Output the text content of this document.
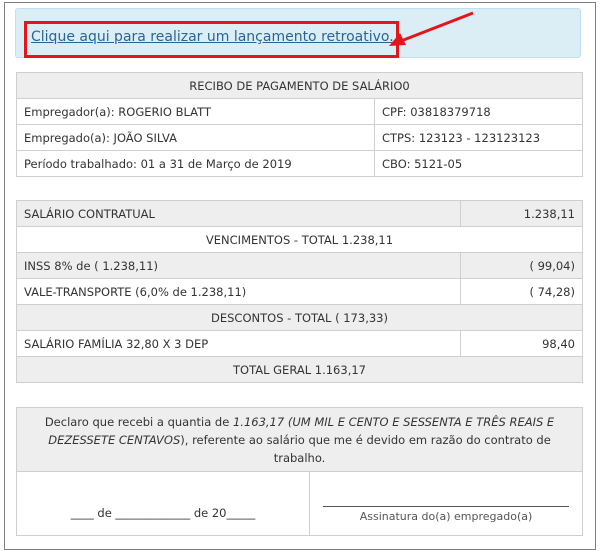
Clique aqui para realizar um lançamento retroativo.
RECIBO DE PAGAMENTO DE SALÁRIO0	
Empregador(a): ROGERIO BLATT	CPF: 03818379718
Empregado(a): JOÃO SILVA	CTPS: 123123 - 123123123
Período trabalhado: 01 a 31 de Março de 2019	CBO: 5121-05
SALÁRIO CONTRATUAL	1.238,11
VENCIMENTOS - TOTAL 1.238,11	
INSS 8% de ( 1.238,11)	( 99,04)
VALE-TRANSPORTE (6,0% de 1.238,11)	( 74,28)
DESCONTOS - TOTAL ( 173,33)	
SALÁRIO FAMÍLIA 32,80 X 3 DEP	98,40
TOTAL GERAL 1.163,17	
Declaro que recebi a quantia de 1.163,17 (UM MIL E CENTO E SESSENTA E TRÊS REAIS E DEZESSETE CENTAVOS), referente ao salário que me é devido em razão do contrato de trabalho.

____ de _____________ de 20_____	Assinatura do(a) empregado(a)
